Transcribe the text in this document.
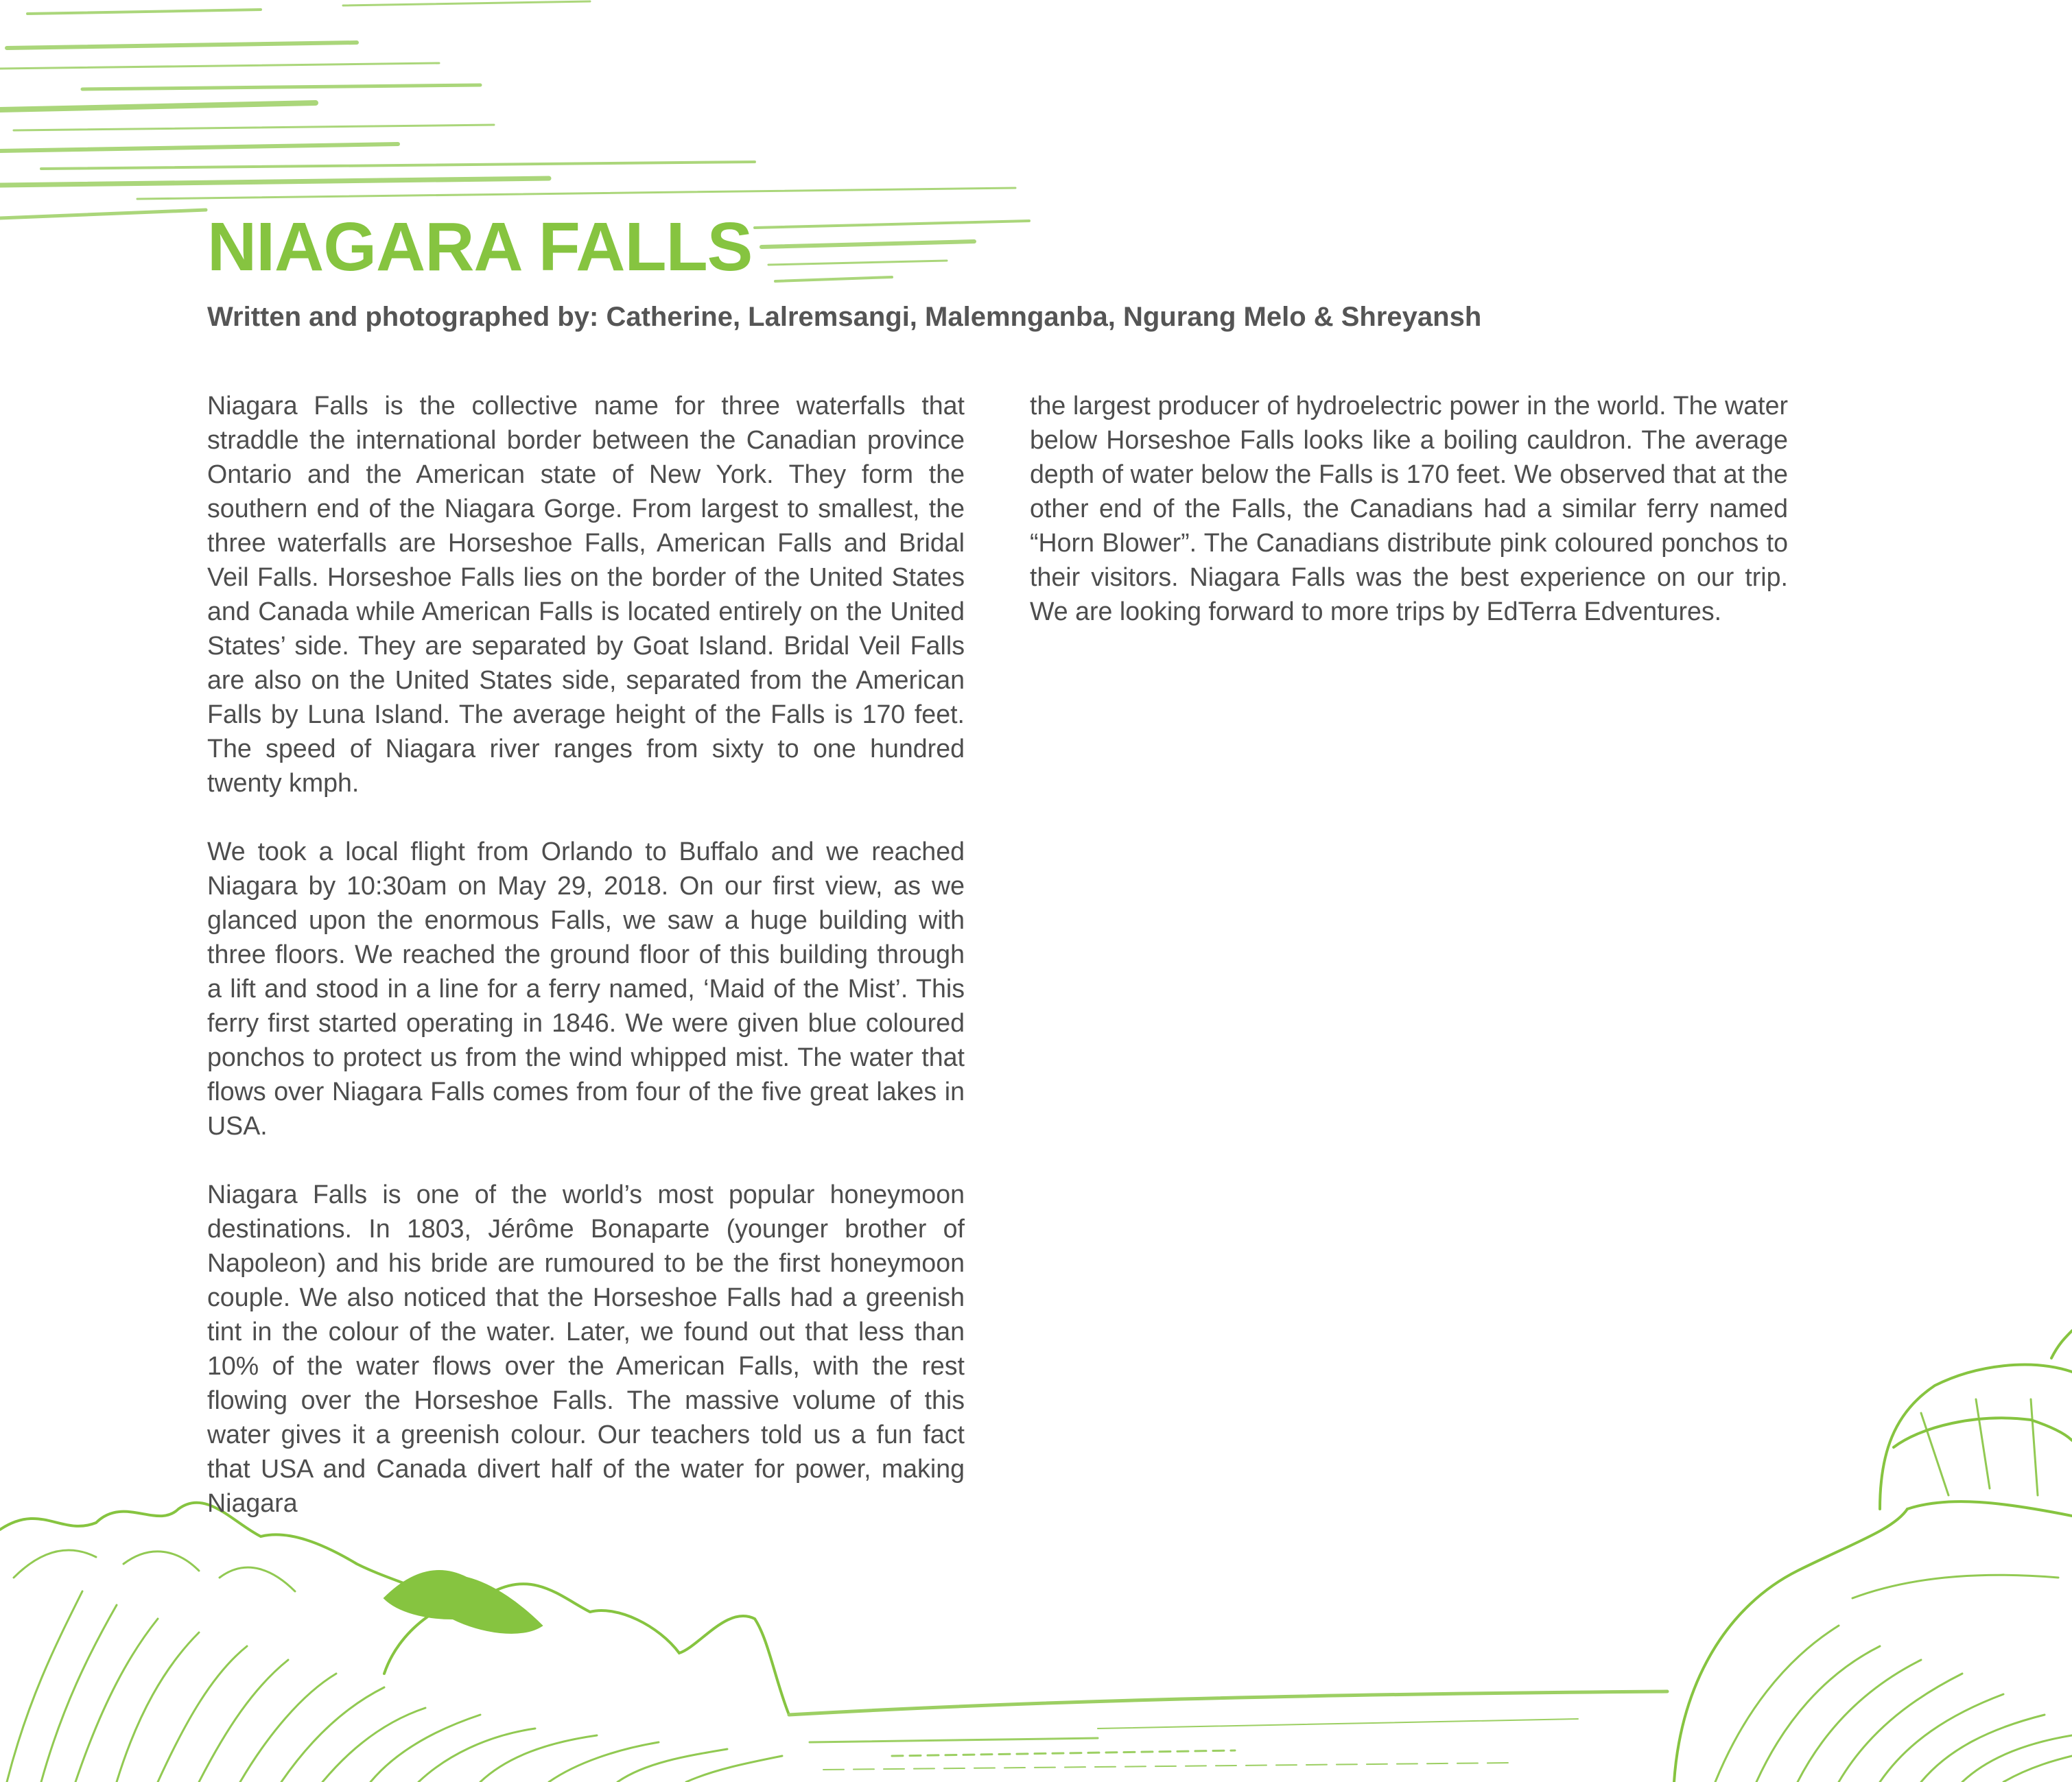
NIAGARA FALLS

Written and photographed by: Catherine, Lalremsangi, Malemnganba, Ngurang Melo & Shreyansh

Niagara Falls is the collective name for three waterfalls that straddle the international border between the Canadian province Ontario and the American state of New York. They form the southern end of the Niagara Gorge. From largest to smallest, the three waterfalls are Horseshoe Falls, American Falls and Bridal Veil Falls. Horseshoe Falls lies on the border of the United States and Canada while American Falls is located entirely on the United States’ side. They are separated by Goat Island. Bridal Veil Falls are also on the United States side, separated from the American Falls by Luna Island. The average height of the Falls is 170 feet. The speed of Niagara river ranges from sixty to one hundred twenty kmph.

We took a local flight from Orlando to Buffalo and we reached Niagara by 10:30am on May 29, 2018. On our first view, as we glanced upon the enormous Falls, we saw a huge building with three floors. We reached the ground floor of this building through a lift and stood in a line for a ferry named, ‘Maid of the Mist’. This ferry first started operating in 1846. We were given blue coloured ponchos to protect us from the wind whipped mist. The water that flows over Niagara Falls comes from four of the five great lakes in USA.

Niagara Falls is one of the world’s most popular honeymoon destinations. In 1803, Jérôme Bonaparte (younger brother of Napoleon) and his bride are rumoured to be the first honeymoon couple. We also noticed that the Horseshoe Falls had a greenish tint in the colour of the water. Later, we found out that less than 10% of the water flows over the American Falls, with the rest flowing over the Horseshoe Falls. The massive volume of this water gives it a greenish colour. Our teachers told us a fun fact that USA and Canada divert half of the water for power, making Niagara

the largest producer of hydroelectric power in the world. The water below Horseshoe Falls looks like a boiling cauldron. The average depth of water below the Falls is 170 feet. We observed that at the other end of the Falls, the Canadians had a similar ferry named “Horn Blower”. The Canadians distribute pink coloured ponchos to their visitors. Niagara Falls was the best experience on our trip. We are looking forward to more trips by EdTerra Edventures.
